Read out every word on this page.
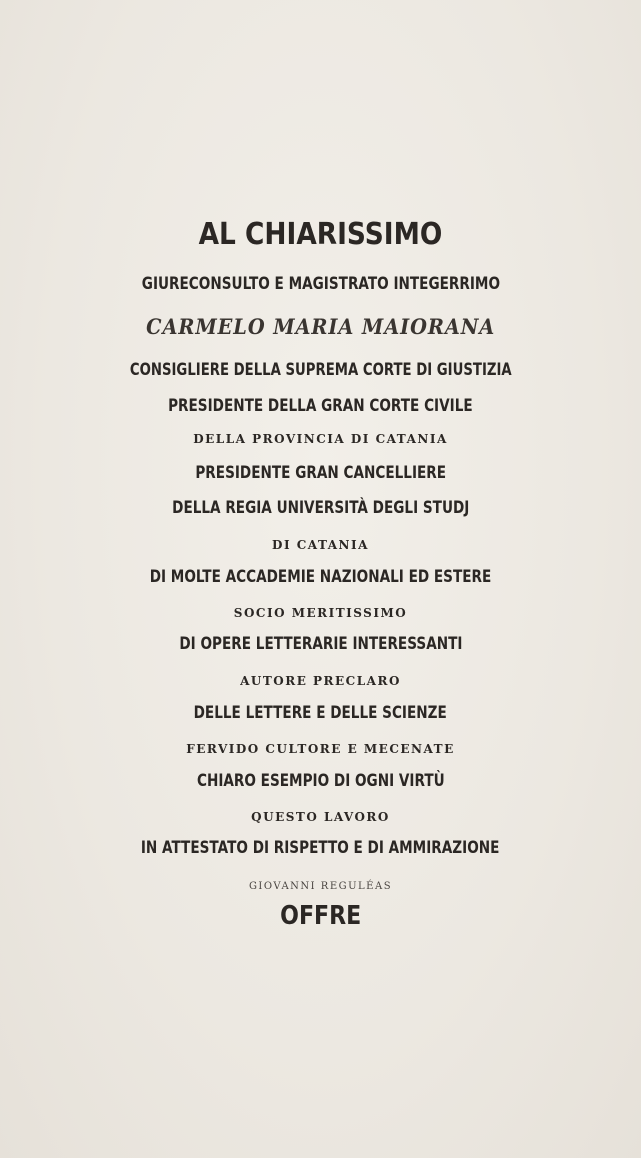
AL CHIARISSIMO
GIURECONSULTO E MAGISTRATO INTEGERRIMO
CARMELO MARIA MAIORANA
CONSIGLIERE DELLA SUPREMA CORTE DI GIUSTIZIA
PRESIDENTE DELLA GRAN CORTE CIVILE
DELLA PROVINCIA DI CATANIA
PRESIDENTE GRAN CANCELLIERE
DELLA REGIA UNIVERSITÀ DEGLI STUDJ
DI CATANIA
DI MOLTE ACCADEMIE NAZIONALI ED ESTERE
SOCIO MERITISSIMO
DI OPERE LETTERARIE INTERESSANTI
AUTORE PRECLARO
DELLE LETTERE E DELLE SCIENZE
FERVIDO CULTORE E MECENATE
CHIARO ESEMPIO DI OGNI VIRTÙ
QUESTO LAVORO
IN ATTESTATO DI RISPETTO E DI AMMIRAZIONE
GIOVANNI REGULÉAS
OFFRE
